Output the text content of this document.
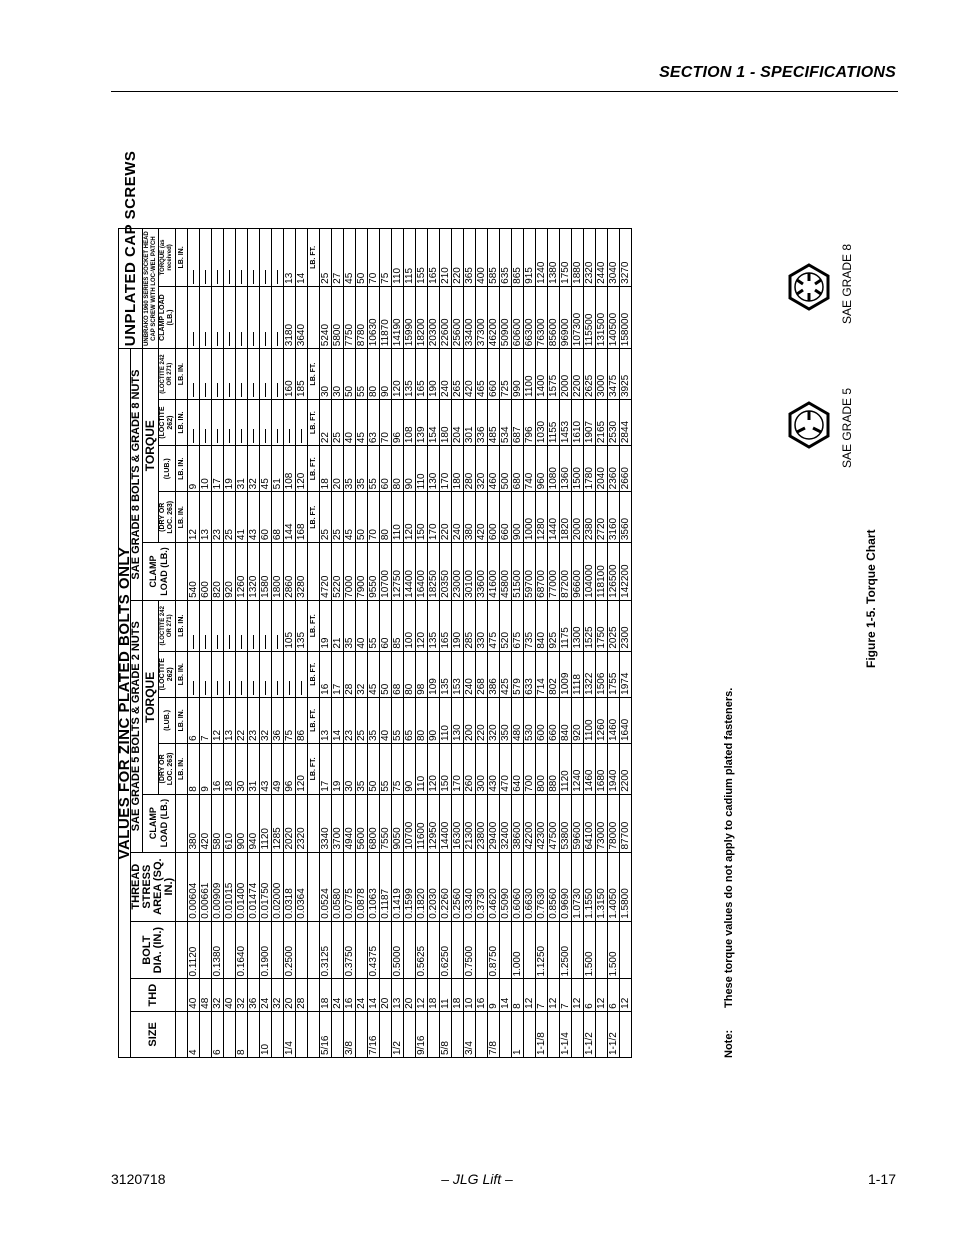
SECTION 1 - SPECIFICATIONS
VALUES FOR ZINC PLATED BOLTS ONLY														UNPLATED CAP SCREWS	
SIZE	THD	BOLT DIA. (IN.)	THREAD STRESS AREA (SQ. IN.)	SAE GRADE 5 BOLTS & GRADE 2 NUTS					SAE GRADE 8 BOLTS & GRADE 8 NUTS						
				CLAMP LOAD (LB.)	TORQUE				CLAMP LOAD (LB.)	TORQUE				UNBRAKO 1960 SERIES SOCKET HEAD CAP SCREW WITH LOC-WEL PATCH	
					(DRY OR LOC. 263)	(LUB.)	(LOCTITE 262)	(LOCTITE 242 OR 271)		(DRY OR LOC. 263)	(LUB.)	(LOCTITE 262)	(LOCTITE 242 OR 271)	CLAMP LOAD (LB.)	TORQUE (as received)
					LB. IN.	LB. IN.	LB. IN.	LB. IN.		LB. IN.	LB. IN.	LB. IN.	LB. IN.		LB. IN.
4	40	0.1120	0.00604	380	8	6			540	12	9				
	48		0.00661	420	9	7			600	13	10				
6	32	0.1380	0.00909	580	16	12			820	23	17				
	40		0.01015	610	18	13			920	25	19				
8	32	0.1640	0.01400	900	30	22			1260	41	31				
	36		0.01474	940	31	23			1320	43	32				
10	24	0.1900	0.01750	1120	43	32			1580	60	45				
	32		0.02000	1285	49	36			1800	68	51				
1/4	20	0.2500	0.0318	2020	96	75		105	2860	144	108		160	3180	13
	28		0.0364	2320	120	86		135	3280	168	120		185	3640	14
					LB. FT.	LB. FT.	LB. FT.	LB. FT.		LB. FT.	LB. FT.	LB. FT.	LB. FT.		LB. FT.
5/16	18	0.3125	0.0524	3340	17	13	16	19	4720	25	18	22	30	5240	25
	24		0.0580	3700	19	14	17	21	5220	25	20	25	30	5800	27
3/8	16	0.3750	0.0775	4940	30	23	28	35	7000	45	35	40	50	7750	45
	24		0.0878	5600	35	25	32	40	7900	50	35	45	55	8780	50
7/16	14	0.4375	0.1063	6800	50	35	45	55	9550	70	55	63	80	10630	70
	20		0.1187	7550	55	40	50	60	10700	80	60	70	90	11870	75
1/2	13	0.5000	0.1419	9050	75	55	68	85	12750	110	80	96	120	14190	110
	20		0.1599	10700	90	65	80	100	14400	120	90	108	135	15990	115
9/16	12	0.5625	0.1820	11600	110	80	98	120	16400	150	110	139	165	18200	155
	18		0.2030	12950	120	90	109	135	18250	170	130	154	190	20300	165
5/8	11	0.6250	0.2260	14400	150	110	135	165	20350	220	170	180	240	22600	210
	18		0.2560	16300	170	130	153	190	23000	240	180	204	265	25600	220
3/4	10	0.7500	0.3340	21300	260	200	240	285	30100	380	280	301	420	33400	365
	16		0.3730	23800	300	220	268	330	33600	420	320	336	465	37300	400
7/8	9	0.8750	0.4620	29400	430	320	386	475	41600	600	460	485	660	46200	585
	14		0.5090	32400	470	350	425	520	45800	660	500	534	725	50900	635
1	8	1.000	0.6060	38600	640	480	579	675	51500	900	680	687	990	60600	865
	12		0.6630	42200	700	530	633	735	59700	1000	740	796	1100	66300	915
1-1/8	7	1.1250	0.7630	42300	800	600	714	840	68700	1280	960	1030	1400	76300	1240
	12		0.8560	47500	880	660	802	925	77000	1440	1080	1155	1575	85600	1380
1-1/4	7	1.2500	0.9690	53800	1120	840	1009	1175	87200	1820	1360	1453	2000	96900	1750
	12		1.0730	59600	1240	920	1118	1300	96600	2000	1500	1610	2200	107300	1880
1-1/2	6	1.500	1.1550	64100	1460	1100	1322	1525	104000	2380	1780	1907	2625	115500	2320
	12		1.3150	73000	1680	1260	1506	1750	118100	2720	2040	2165	3000	131500	2440
1-1/2	6	1.500	1.4050	78000	1940	1460	1755	2025	126500	3160	2360	2530	3475	140500	3040
	12		1.5800	87700	2200	1640	1974	2300	142200	3560	2660	2844	3925	158000	3270
Note:These torque values do not apply to cadium plated fasteners.
Figure 1-5. Torque Chart
SAE GRADE 5
SAE GRADE 8
3120718	– JLG Lift –	1-17
